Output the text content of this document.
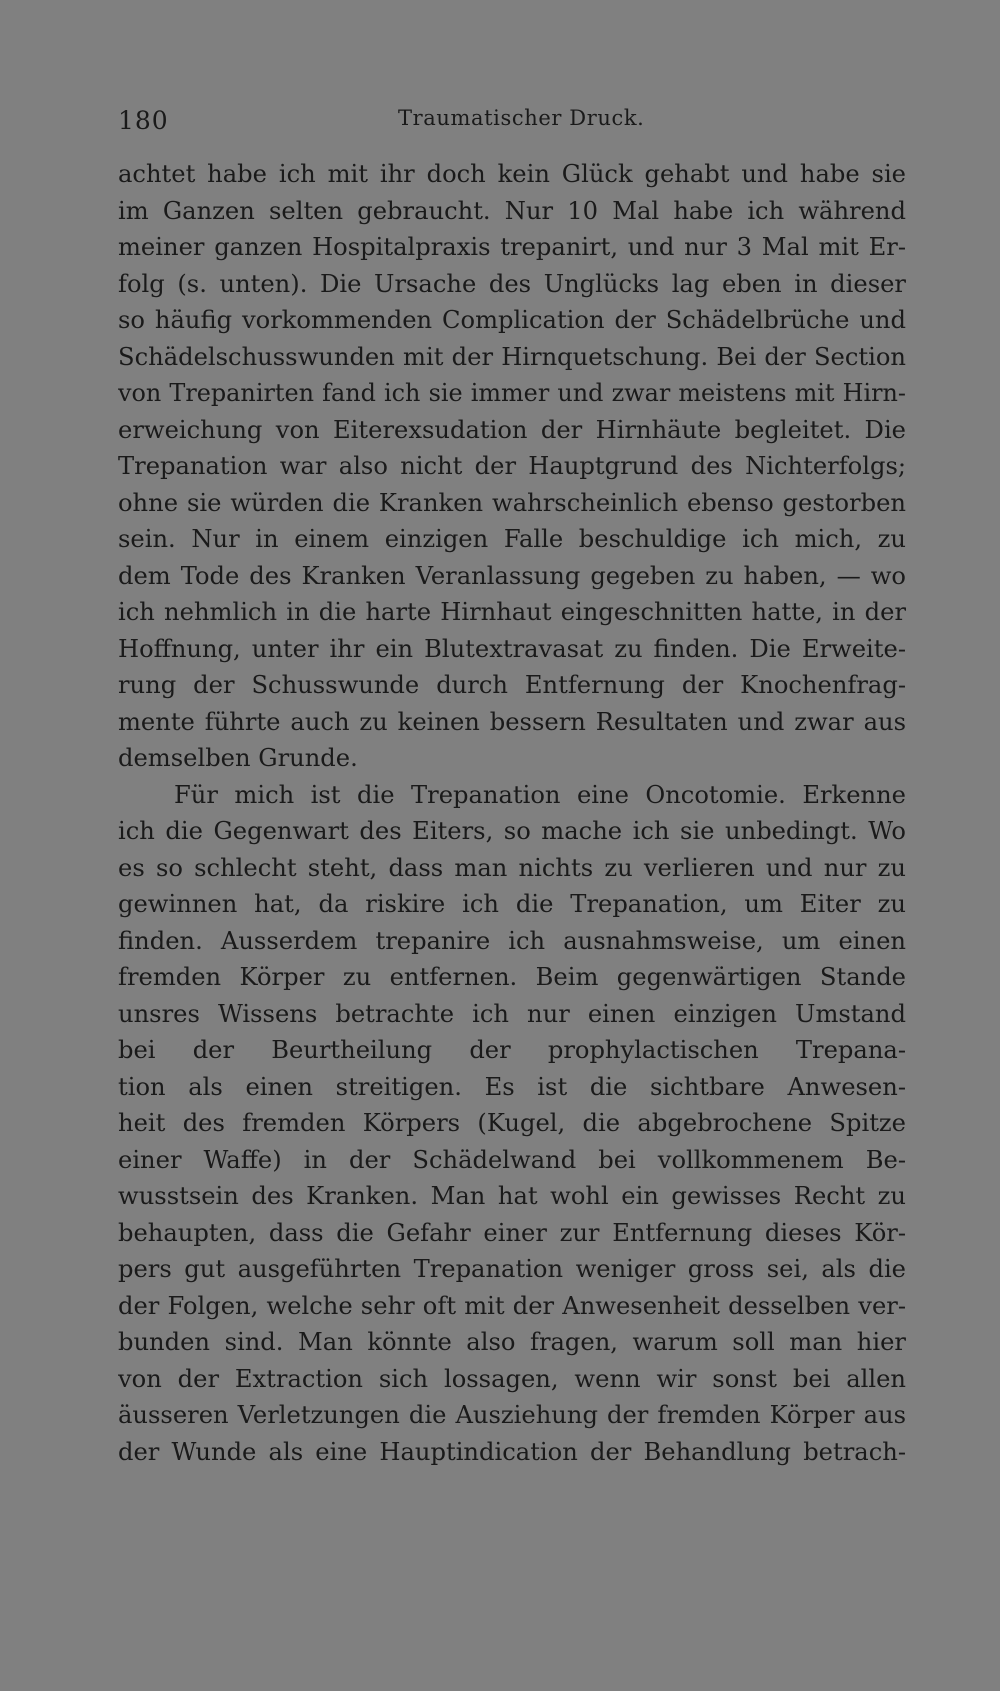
180	Traumatischer Druck.
achtet habe ich mit ihr doch kein Glück gehabt und habe sie
im Ganzen selten gebraucht. Nur 10 Mal habe ich während
meiner ganzen Hospitalpraxis trepanirt, und nur 3 Mal mit Er-
folg (s. unten). Die Ursache des Unglücks lag eben in dieser
so häufig vorkommenden Complication der Schädelbrüche und
Schädelschusswunden mit der Hirnquetschung. Bei der Section
von Trepanirten fand ich sie immer und zwar meistens mit Hirn-
erweichung von Eiterexsudation der Hirnhäute begleitet. Die
Trepanation war also nicht der Hauptgrund des Nichterfolgs;
ohne sie würden die Kranken wahrscheinlich ebenso gestorben
sein. Nur in einem einzigen Falle beschuldige ich mich, zu
dem Tode des Kranken Veranlassung gegeben zu haben, — wo
ich nehmlich in die harte Hirnhaut eingeschnitten hatte, in der
Hoffnung, unter ihr ein Blutextravasat zu finden. Die Erweite-
rung der Schusswunde durch Entfernung der Knochenfrag-
mente führte auch zu keinen bessern Resultaten und zwar aus
demselben Grunde.
Für mich ist die Trepanation eine Oncotomie. Erkenne
ich die Gegenwart des Eiters, so mache ich sie unbedingt. Wo
es so schlecht steht, dass man nichts zu verlieren und nur zu
gewinnen hat, da riskire ich die Trepanation, um Eiter zu
finden. Ausserdem trepanire ich ausnahmsweise, um einen
fremden Körper zu entfernen. Beim gegenwärtigen Stande
unsres Wissens betrachte ich nur einen einzigen Umstand
bei der Beurtheilung der prophylactischen Trepana-
tion als einen streitigen. Es ist die sichtbare Anwesen-
heit des fremden Körpers (Kugel, die abgebrochene Spitze
einer Waffe) in der Schädelwand bei vollkommenem Be-
wusstsein des Kranken. Man hat wohl ein gewisses Recht zu
behaupten, dass die Gefahr einer zur Entfernung dieses Kör-
pers gut ausgeführten Trepanation weniger gross sei, als die
der Folgen, welche sehr oft mit der Anwesenheit desselben ver-
bunden sind. Man könnte also fragen, warum soll man hier
von der Extraction sich lossagen, wenn wir sonst bei allen
äusseren Verletzungen die Ausziehung der fremden Körper aus
der Wunde als eine Hauptindication der Behandlung betrach-
